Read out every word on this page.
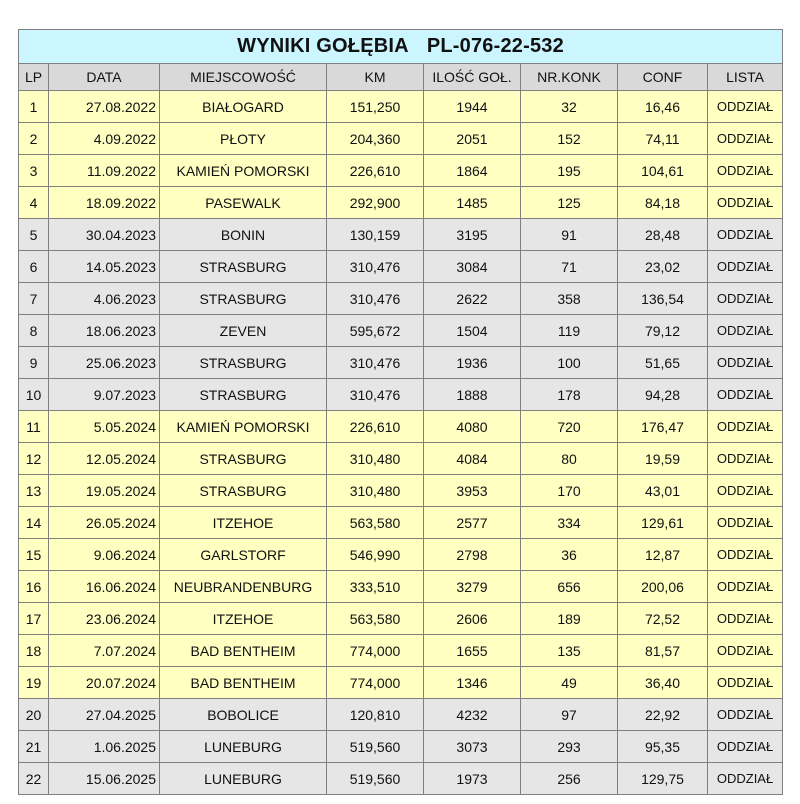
WYNIKI GOŁĘBIA PL-076-22-532							
LP	DATA	MIEJSCOWOŚĆ	KM	ILOŚĆ GOŁ.	NR.KONK	CONF	LISTA
1	27.08.2022	BIAŁOGARD	151,250	1944	32	16,46	ODDZIAŁ
2	4.09.2022	PŁOTY	204,360	2051	152	74,11	ODDZIAŁ
3	11.09.2022	KAMIEŃ POMORSKI	226,610	1864	195	104,61	ODDZIAŁ
4	18.09.2022	PASEWALK	292,900	1485	125	84,18	ODDZIAŁ
5	30.04.2023	BONIN	130,159	3195	91	28,48	ODDZIAŁ
6	14.05.2023	STRASBURG	310,476	3084	71	23,02	ODDZIAŁ
7	4.06.2023	STRASBURG	310,476	2622	358	136,54	ODDZIAŁ
8	18.06.2023	ZEVEN	595,672	1504	119	79,12	ODDZIAŁ
9	25.06.2023	STRASBURG	310,476	1936	100	51,65	ODDZIAŁ
10	9.07.2023	STRASBURG	310,476	1888	178	94,28	ODDZIAŁ
11	5.05.2024	KAMIEŃ POMORSKI	226,610	4080	720	176,47	ODDZIAŁ
12	12.05.2024	STRASBURG	310,480	4084	80	19,59	ODDZIAŁ
13	19.05.2024	STRASBURG	310,480	3953	170	43,01	ODDZIAŁ
14	26.05.2024	ITZEHOE	563,580	2577	334	129,61	ODDZIAŁ
15	9.06.2024	GARLSTORF	546,990	2798	36	12,87	ODDZIAŁ
16	16.06.2024	NEUBRANDENBURG	333,510	3279	656	200,06	ODDZIAŁ
17	23.06.2024	ITZEHOE	563,580	2606	189	72,52	ODDZIAŁ
18	7.07.2024	BAD BENTHEIM	774,000	1655	135	81,57	ODDZIAŁ
19	20.07.2024	BAD BENTHEIM	774,000	1346	49	36,40	ODDZIAŁ
20	27.04.2025	BOBOLICE	120,810	4232	97	22,92	ODDZIAŁ
21	1.06.2025	LUNEBURG	519,560	3073	293	95,35	ODDZIAŁ
22	15.06.2025	LUNEBURG	519,560	1973	256	129,75	ODDZIAŁ
